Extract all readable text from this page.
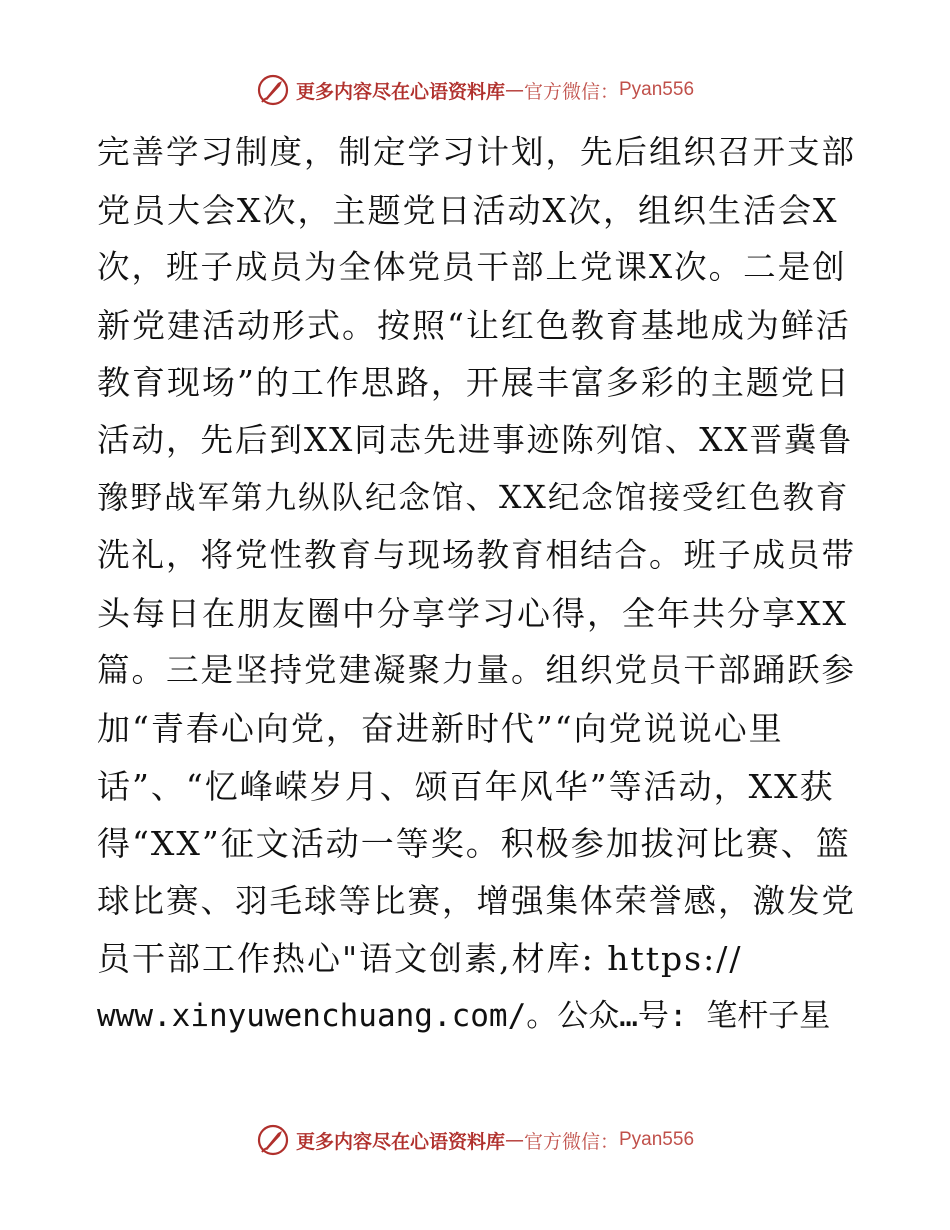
更多内容尽在心语资料库 — 官方微信： Pyan556
完善学习制度，制定学习计划，先后组织召开支部
党员大会X次，主题党日活动X次，组织生活会X
次，班子成员为全体党员干部上党课X次。二是创
新党建活动形式。按照“让红色教育基地成为鲜活
教育现场”的工作思路，开展丰富多彩的主题党日
活动，先后到XX同志先进事迹陈列馆、XX晋冀鲁
豫野战军第九纵队纪念馆、XX纪念馆接受红色教育
洗礼，将党性教育与现场教育相结合。班子成员带
头每日在朋友圈中分享学习心得，全年共分享XX
篇。三是坚持党建凝聚力量。组织党员干部踊跃参
加“青春心向党，奋进新时代”“向党说说心里
话”、“忆峰嵘岁月、颂百年风华”等活动，XX获
得“XX”征文活动一等奖。积极参加拔河比赛、篮
球比赛、羽毛球等比赛，增强集体荣誉感，激发党
员干部工作热心"语文创素,材库: https://
www.xinyuwenchuang.com/。公众…号: 笔杆子星
更多内容尽在心语资料库 — 官方微信： Pyan556
